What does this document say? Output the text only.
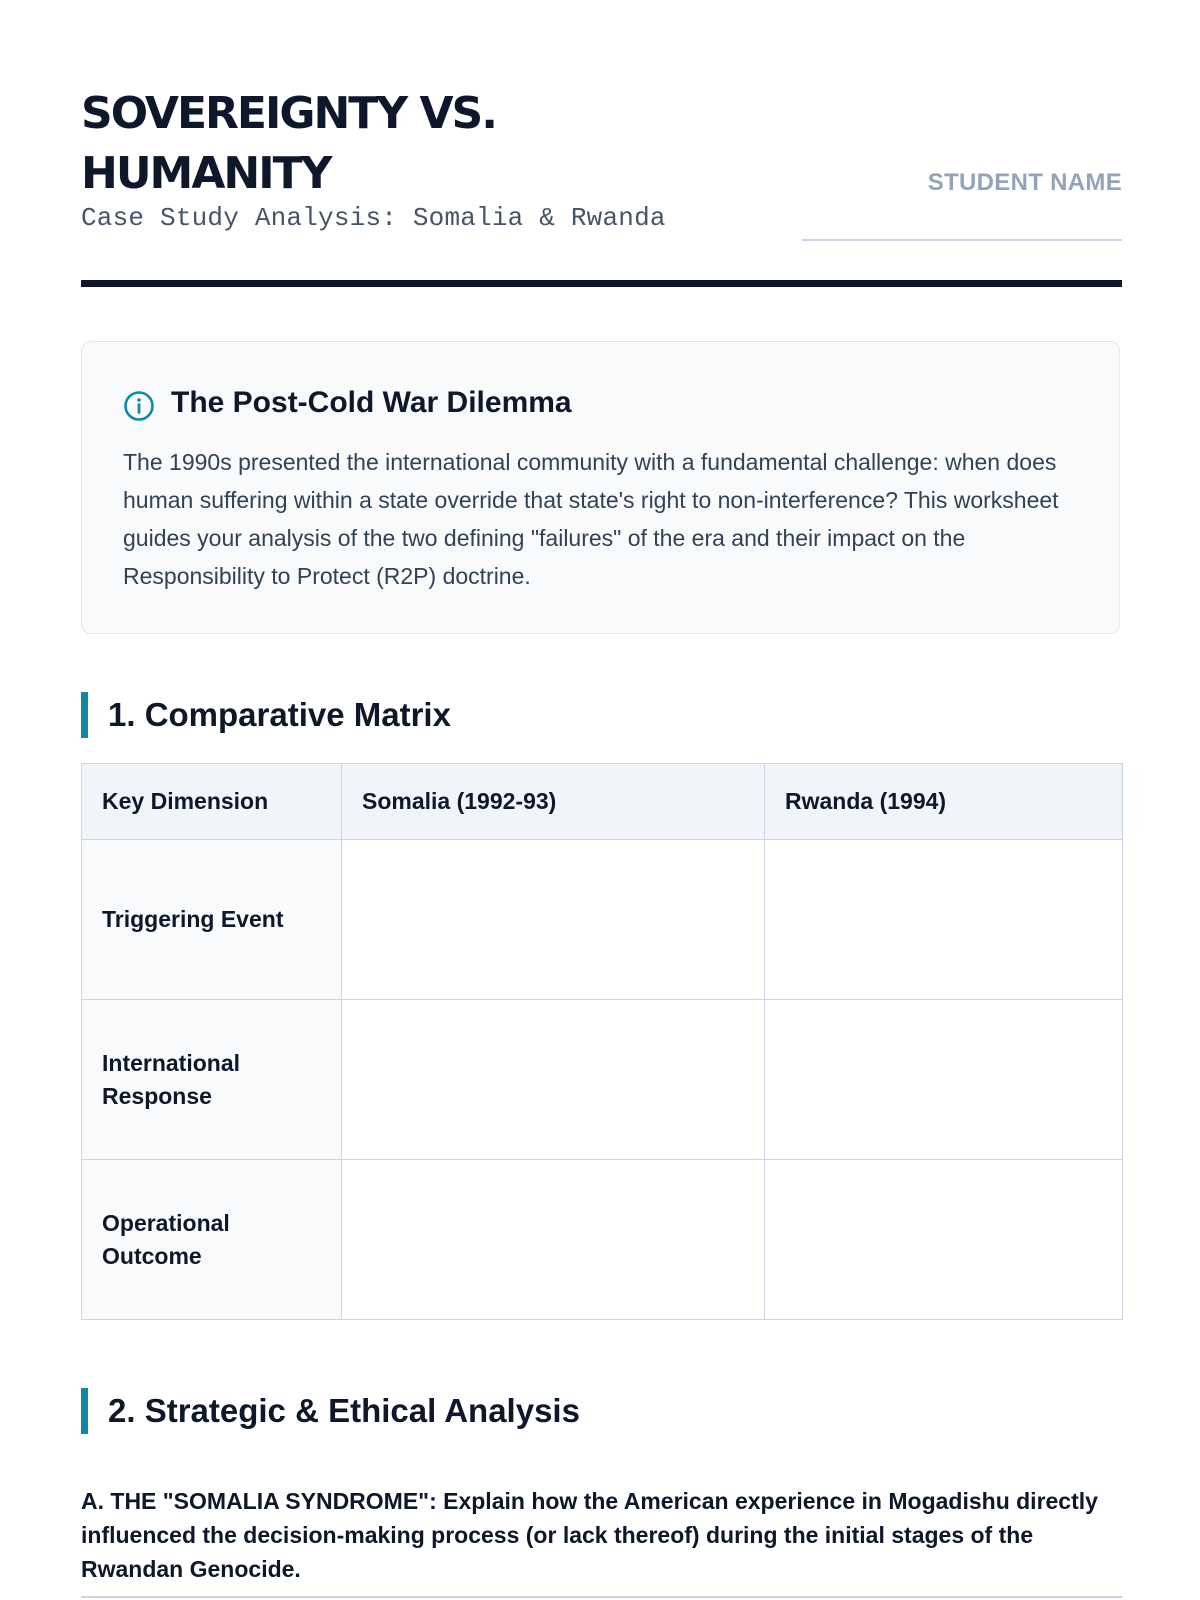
SOVEREIGNTY VS.
HUMANITY
Case Study Analysis: Somalia & Rwanda
STUDENT NAME
The Post-Cold War Dilemma
The 1990s presented the international community with a fundamental challenge: when does human suffering within a state override that state's right to non-interference? This worksheet guides your analysis of the two defining "failures" of the era and their impact on the Responsibility to Protect (R2P) doctrine.
1. Comparative Matrix
Key Dimension	Somalia (1992-93)	Rwanda (1994)
Triggering Event		

International Response		

Operational Outcome		

2. Strategic & Ethical Analysis
A. THE "SOMALIA SYNDROME": Explain how the American experience in Mogadishu directly influenced the decision-making process (or lack thereof) during the initial stages of the Rwandan Genocide.
